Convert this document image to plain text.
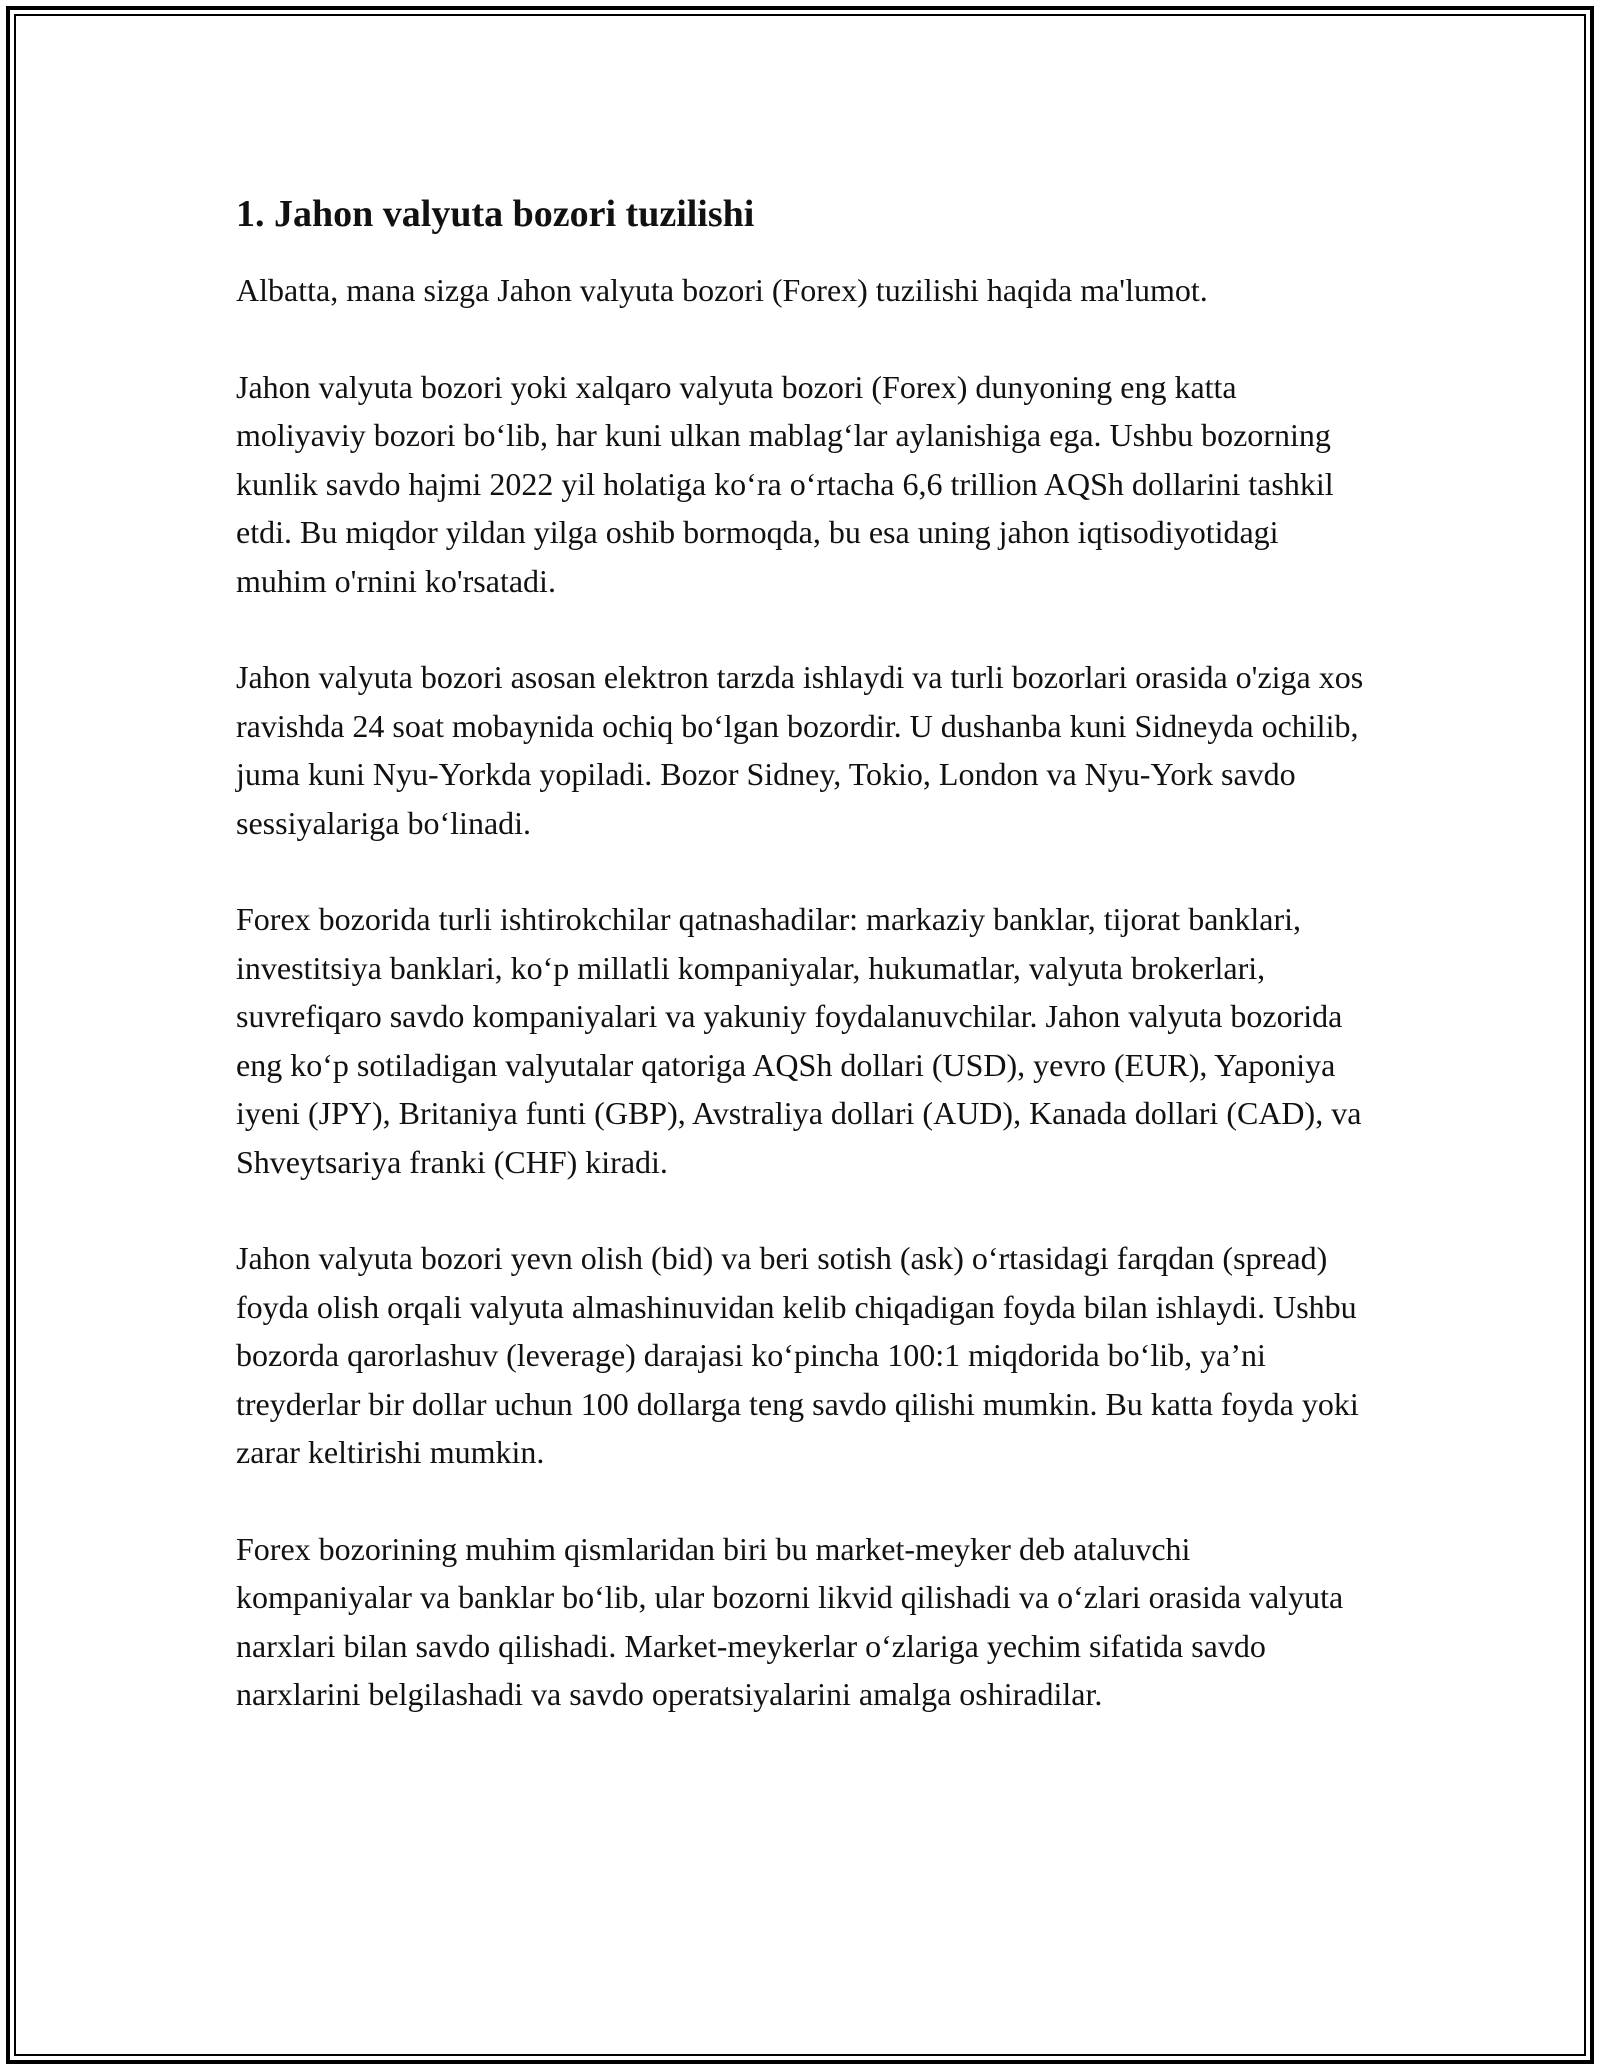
1. Jahon valyuta bozori tuzilishi

Albatta, mana sizga Jahon valyuta bozori (Forex) tuzilishi haqida ma'lumot.

Jahon valyuta bozori yoki xalqaro valyuta bozori (Forex) dunyoning eng katta moliyaviy bozori boʻlib, har kuni ulkan mablagʻlar aylanishiga ega. Ushbu bozorning kunlik savdo hajmi 2022 yil holatiga koʻra oʻrtacha 6,6 trillion AQSh dollarini tashkil etdi. Bu miqdor yildan yilga oshib bormoqda, bu esa uning jahon iqtisodiyotidagi muhim o'rnini ko'rsatadi.

Jahon valyuta bozori asosan elektron tarzda ishlaydi va turli bozorlari orasida o'ziga xos ravishda 24 soat mobaynida ochiq boʻlgan bozordir. U dushanba kuni Sidneyda ochilib, juma kuni Nyu-Yorkda yopiladi. Bozor Sidney, Tokio, London va Nyu-York savdo sessiyalariga boʻlinadi.

Forex bozorida turli ishtirokchilar qatnashadilar: markaziy banklar, tijorat banklari, investitsiya banklari, koʻp millatli kompaniyalar, hukumatlar, valyuta brokerlari, suvrefiqaro savdo kompaniyalari va yakuniy foydalanuvchilar. Jahon valyuta bozorida eng koʻp sotiladigan valyutalar qatoriga AQSh dollari (USD), yevro (EUR), Yaponiya iyeni (JPY), Britaniya funti (GBP), Avstraliya dollari (AUD), Kanada dollari (CAD), va Shveytsariya franki (CHF) kiradi.

Jahon valyuta bozori yevn olish (bid) va beri sotish (ask) oʻrtasidagi farqdan (spread) foyda olish orqali valyuta almashinuvidan kelib chiqadigan foyda bilan ishlaydi. Ushbu bozorda qarorlashuv (leverage) darajasi koʻpincha 100:1 miqdorida boʻlib, ya’ni treyderlar bir dollar uchun 100 dollarga teng savdo qilishi mumkin. Bu katta foyda yoki zarar keltirishi mumkin.

Forex bozorining muhim qismlaridan biri bu market-meyker deb ataluvchi kompaniyalar va banklar boʻlib, ular bozorni likvid qilishadi va oʻzlari orasida valyuta narxlari bilan savdo qilishadi. Market-meykerlar oʻzlariga yechim sifatida savdo narxlarini belgilashadi va savdo operatsiyalarini amalga oshiradilar.
